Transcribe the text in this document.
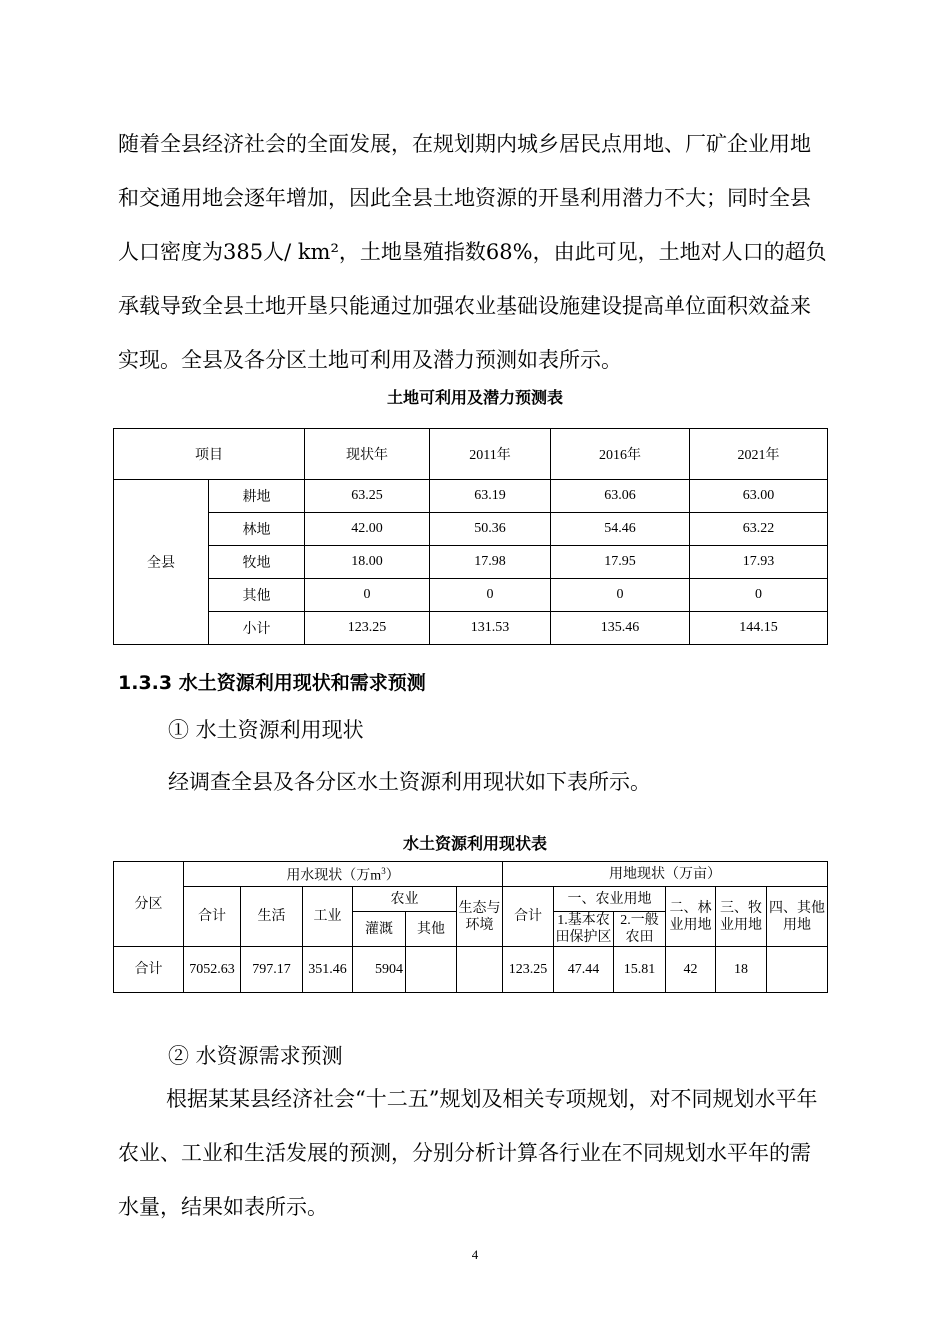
随着全县经济社会的全面发展，在规划期内城乡居民点用地、厂矿企业用地和交通用地会逐年增加，因此全县土地资源的开垦利用潜力不大；同时全县人口密度为385人/ km²，土地垦殖指数68%，由此可见，土地对人口的超负承载导致全县土地开垦只能通过加强农业基础设施建设提高单位面积效益来实现。全县及各分区土地可利用及潜力预测如表所示。

土地可利用及潜力预测表

项目		现状年	2011年	2016年	2021年
全县	耕地	63.25	63.19	63.06	63.00
	林地	42.00	50.36	54.46	63.22
	牧地	18.00	17.98	17.95	17.93
	其他	0	0	0	0
	小计	123.25	131.53	135.46	144.15

1.3.3 水土资源利用现状和需求预测

① 水土资源利用现状

经调查全县及各分区水土资源利用现状如下表所示。

水土资源利用现状表

分区	用水现状（万$m^3$）						用地现状（万亩）					
	合计	生活	工业	农业		生态与环境	合计	一、农业用地		二、林业用地	三、牧业用地	四、其他用地
				灌溉	其他			1.基本农田保护区	2.一般农田			
合计	7052.63	797.17	351.46	5904			123.25	47.44	15.81	42	18	

② 水资源需求预测

根据某某县经济社会“十二五”规划及相关专项规划，对不同规划水平年农业、工业和生活发展的预测，分别分析计算各行业在不同规划水平年的需水量，结果如表所示。

4
